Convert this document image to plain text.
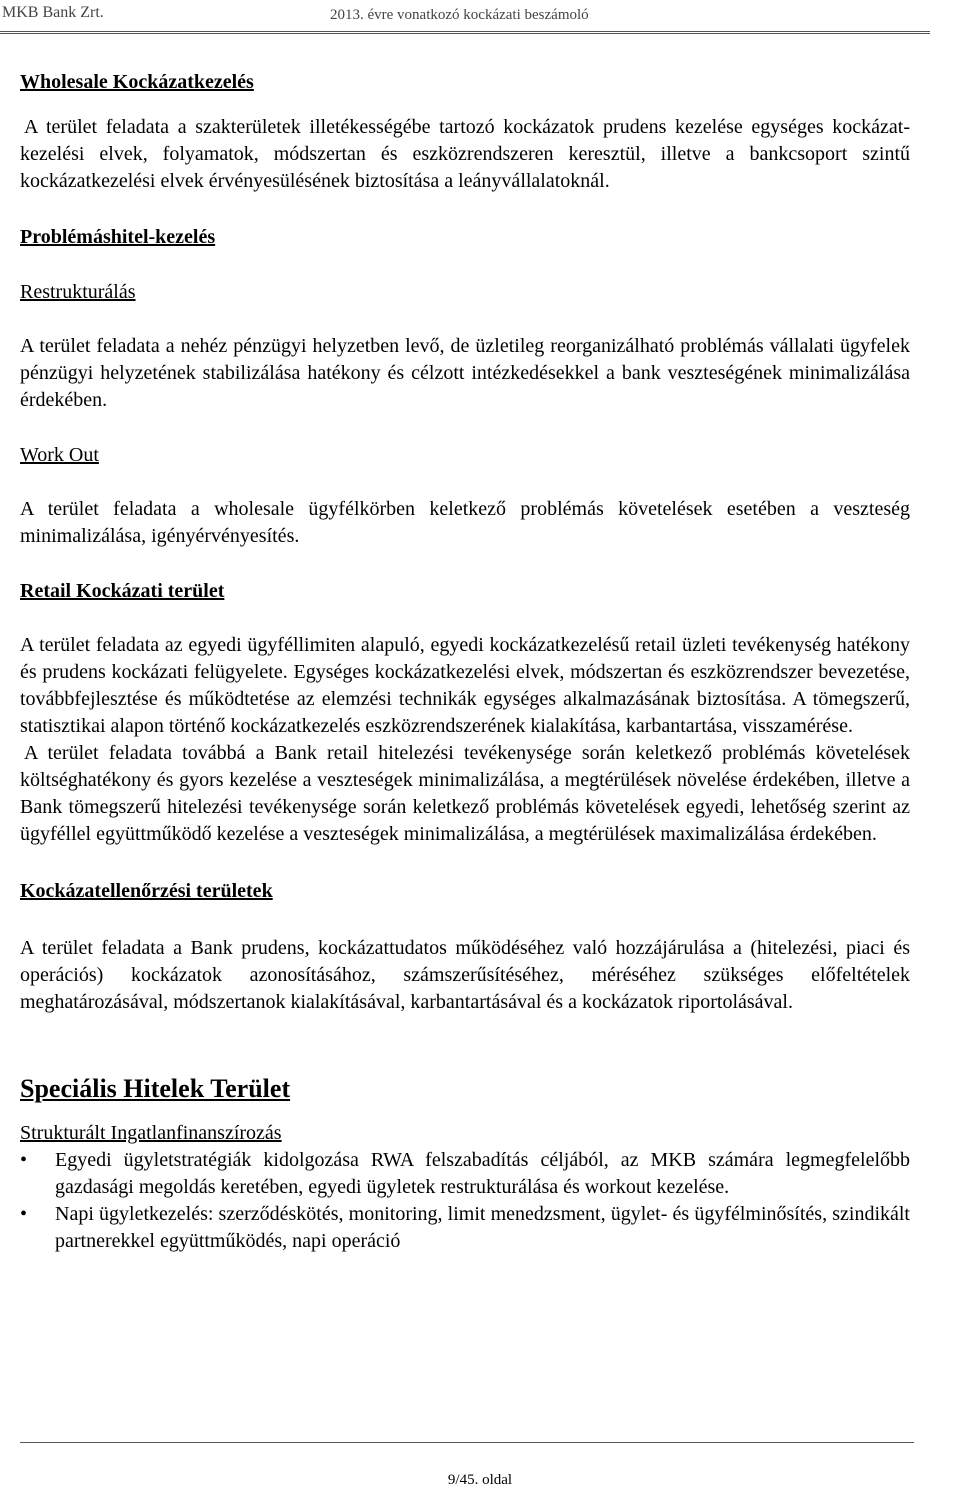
MKB Bank Zrt.	2013. évre vonatkozó kockázati beszámoló
Wholesale Kockázatkezelés

A terület feladata a szakterületek illetékességébe tartozó kockázatok prudens kezelése egységes kockázat-kezelési elvek, folyamatok, módszertan és eszközrendszeren keresztül, illetve a bankcsoport szintű kockázatkezelési elvek érvényesülésének biztosítása a leányvállalatoknál.

Problémáshitel-kezelés
Restrukturálás

A terület feladata a nehéz pénzügyi helyzetben levő, de üzletileg reorganizálható problémás vállalati ügyfelek pénzügyi helyzetének stabilizálása hatékony és célzott intézkedésekkel a bank veszteségének minimalizálása érdekében.

Work Out

A terület feladata a wholesale ügyfélkörben keletkező problémás követelések esetében a veszteség minimalizálása, igényérvényesítés.

Retail Kockázati terület

A terület feladata az egyedi ügyféllimiten alapuló, egyedi kockázatkezelésű retail üzleti tevékenység hatékony és prudens kockázati felügyelete. Egységes kockázatkezelési elvek, módszertan és eszközrendszer bevezetése, továbbfejlesztése és működtetése az elemzési technikák egységes alkalmazásának biztosítása. A tömegszerű, statisztikai alapon történő kockázatkezelés eszközrendszerének kialakítása, karbantartása, visszamérése.

A terület feladata továbbá a Bank retail hitelezési tevékenysége során keletkező problémás követelések költséghatékony és gyors kezelése a veszteségek minimalizálása, a megtérülések növelése érdekében, illetve a Bank tömegszerű hitelezési tevékenysége során keletkező problémás követelések egyedi, lehetőség szerint az ügyféllel együttműködő kezelése a veszteségek minimalizálása, a megtérülések maximalizálása érdekében.

Kockázatellenőrzési területek

A terület feladata a Bank prudens, kockázattudatos működéséhez való hozzájárulása a (hitelezési, piaci és operációs) kockázatok azonosításához, számszerűsítéséhez, méréséhez szükséges előfeltételek meghatározásával, módszertanok kialakításával, karbantartásával és a kockázatok riportolásával.

Speciális Hitelek Terület
Strukturált Ingatlanfinanszírozás
• Egyedi ügyletstratégiák kidolgozása RWA felszabadítás céljából, az MKB számára legmegfelelőbb gazdasági megoldás keretében, egyedi ügyletek restrukturálása és workout kezelése.
• Napi ügyletkezelés: szerződéskötés, monitoring, limit menedzsment, ügylet- és ügyfélminősítés, szindikált partnerekkel együttműködés, napi operáció
9/45. oldal
